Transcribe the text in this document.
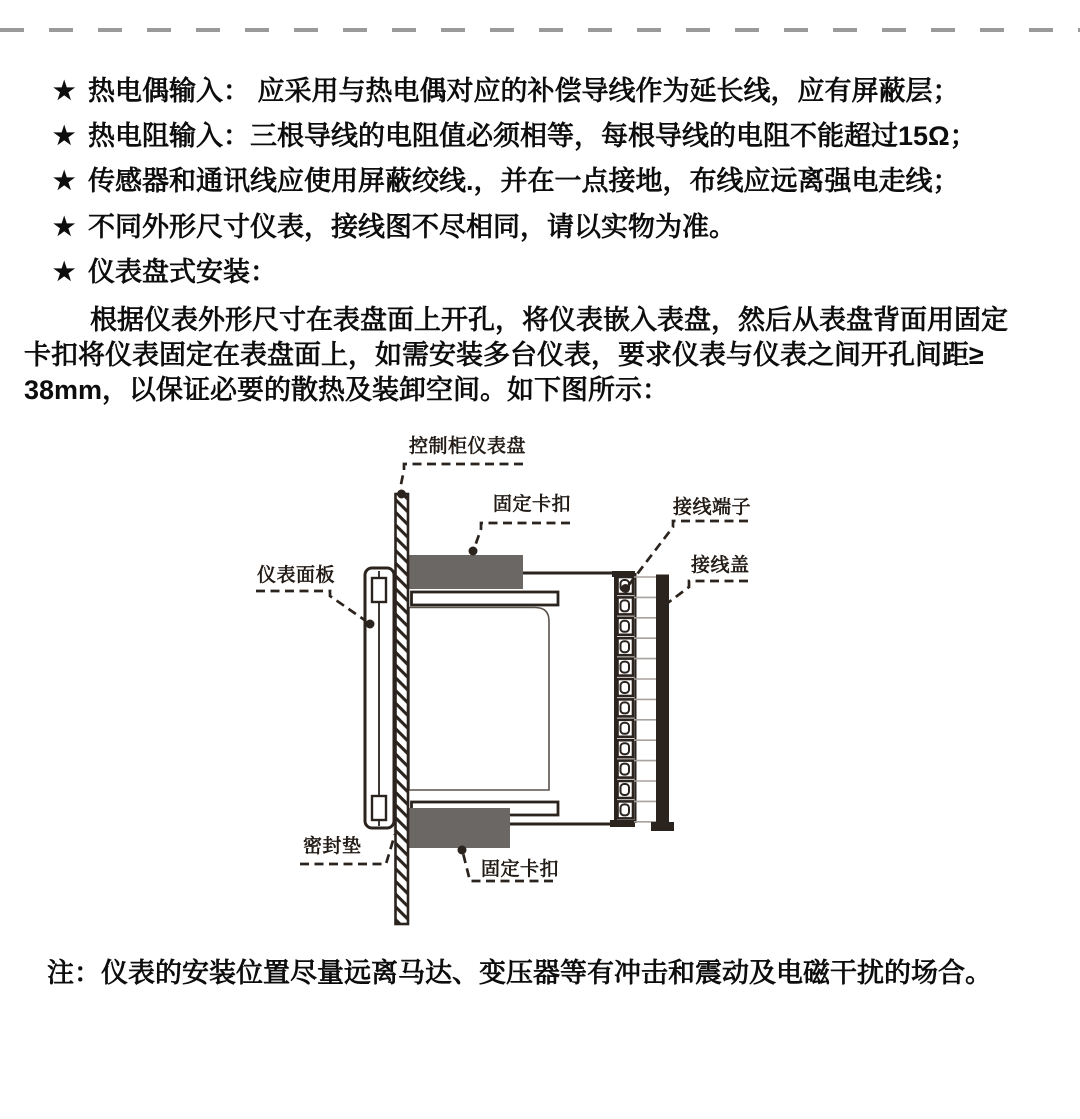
★ 热电偶输入： 应采用与热电偶对应的补偿导线作为延长线，应有屏蔽层；
★ 热电阻输入：三根导线的电阻值必须相等，每根导线的电阻不能超过15Ω；
★ 传感器和通讯线应使用屏蔽绞线.，并在一点接地，布线应远离强电走线；
★ 不同外形尺寸仪表，接线图不尽相同，请以实物为准。
★ 仪表盘式安装：
根据仪表外形尺寸在表盘面上开孔，将仪表嵌入表盘，然后从表盘背面用固定
卡扣将仪表固定在表盘面上，如需安装多台仪表，要求仪表与仪表之间开孔间距≥
38mm，以保证必要的散热及装卸空间。如下图所示：
控制柜仪表盘
固定卡扣	接线端子
接线盖
仪表面板
密封垫
固定卡扣
注：仪表的安装位置尽量远离马达、变压器等有冲击和震动及电磁干扰的场合。
